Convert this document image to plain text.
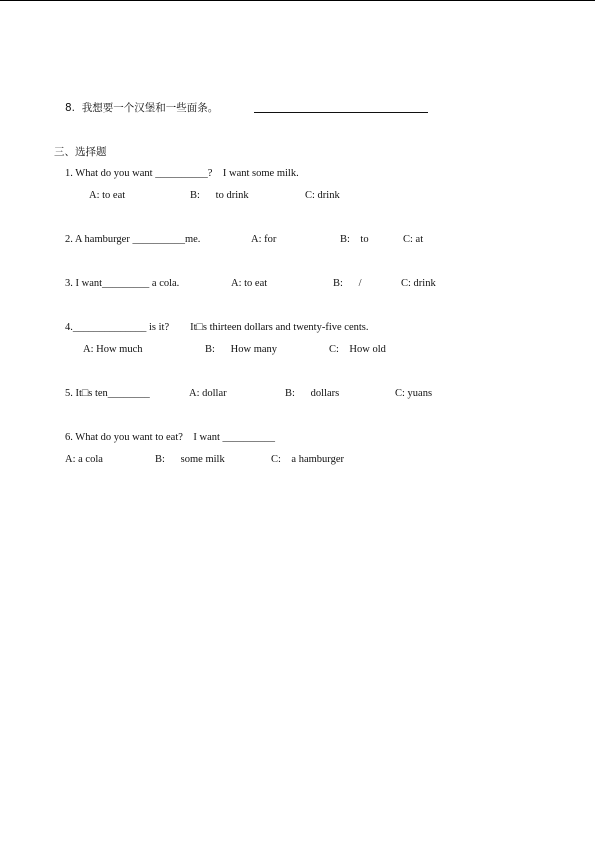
8.  我想要一个汉堡和一些面条。
三、选择题
1. What do you want __________?    I want some milk.
A: to eat	B:      to drink	C: drink
2. A hamburger __________me.	A: for	B:    to	C: at
3. I want_________ a cola.	A: to eat	B:      /	C: drink
4.______________ is it?        It□s thirteen dollars and twenty-five cents.
A: How much	B:      How many	C:    How old
5. It□s ten________	A: dollar	B:      dollars	C: yuans
6. What do you want to eat?    I want __________
A: a cola	B:      some milk	C:    a hamburger
